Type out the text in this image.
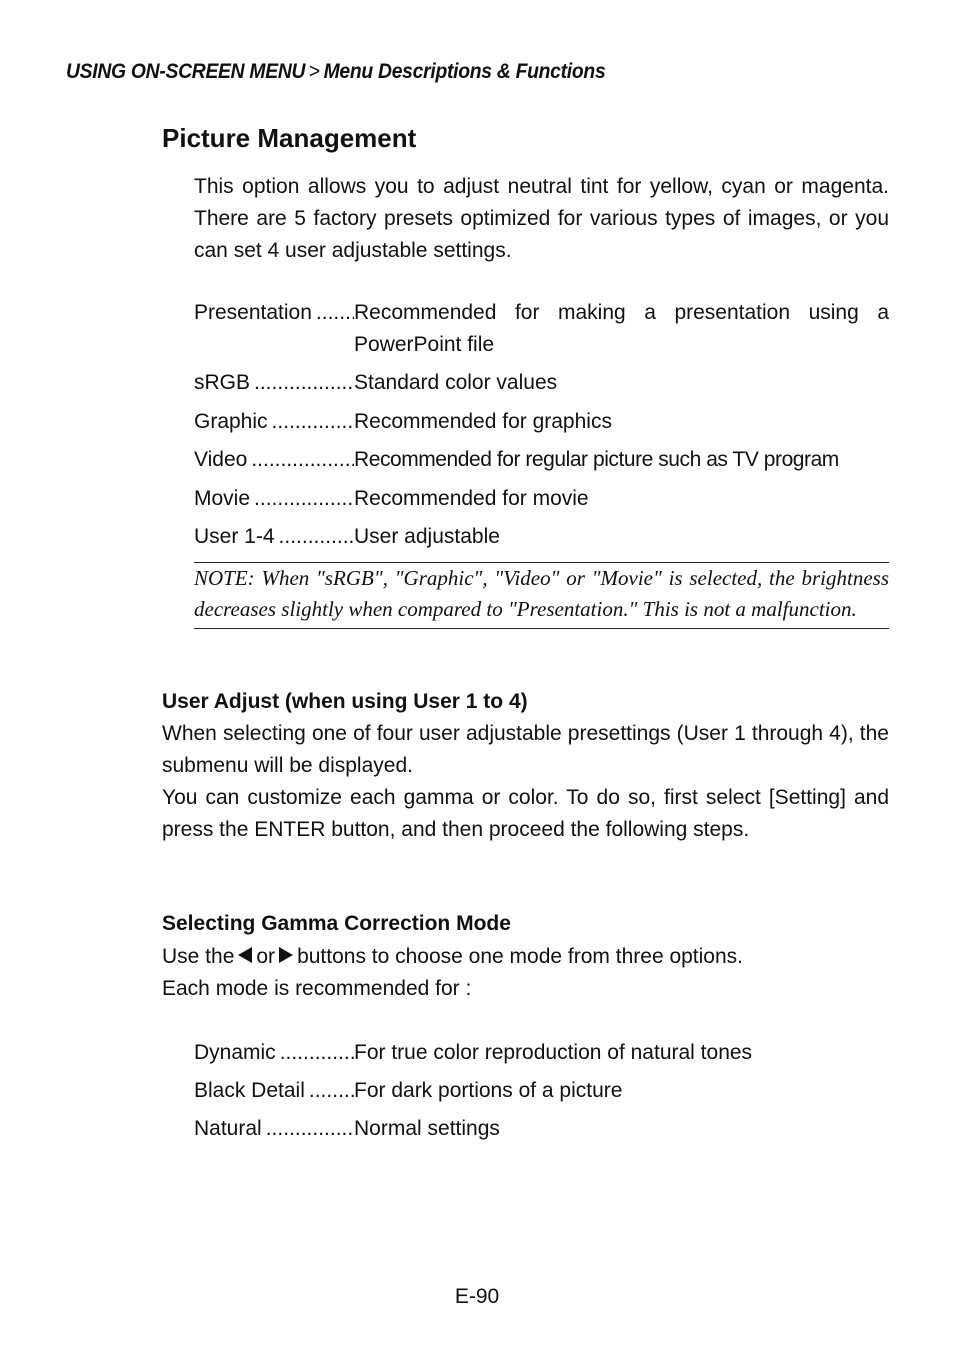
USING ON-SCREEN MENU > Menu Descriptions & Functions
Picture Management
This option allows you to adjust neutral tint for yellow, cyan or magenta. There are 5 factory presets optimized for various types of images, or you can set 4 user adjustable settings.
Presentation ..... Recommended for making a presentation using a PowerPoint file
sRGB .....	Standard color values
Graphic .....	Recommended for graphics
Video .....	Recommended for regular picture such as TV program
Movie .....	Recommended for movie
User 1-4 .....	User adjustable
NOTE: When "sRGB", "Graphic", "Video" or "Movie" is selected, the brightness decreases slightly when compared to "Presentation." This is not a malfunction.
User Adjust (when using User 1 to 4)
When selecting one of four user adjustable presettings (User 1 through 4), the submenu will be displayed.
You can customize each gamma or color. To do so, first select [Setting] and press the ENTER button, and then proceed the following steps.
Selecting Gamma Correction Mode
Use the or buttons to choose one mode from three options.
Each mode is recommended for :
Dynamic .....	For true color reproduction of natural tones
Black Detail ..... For dark portions of a picture
Natural .....	Normal settings
E-90
